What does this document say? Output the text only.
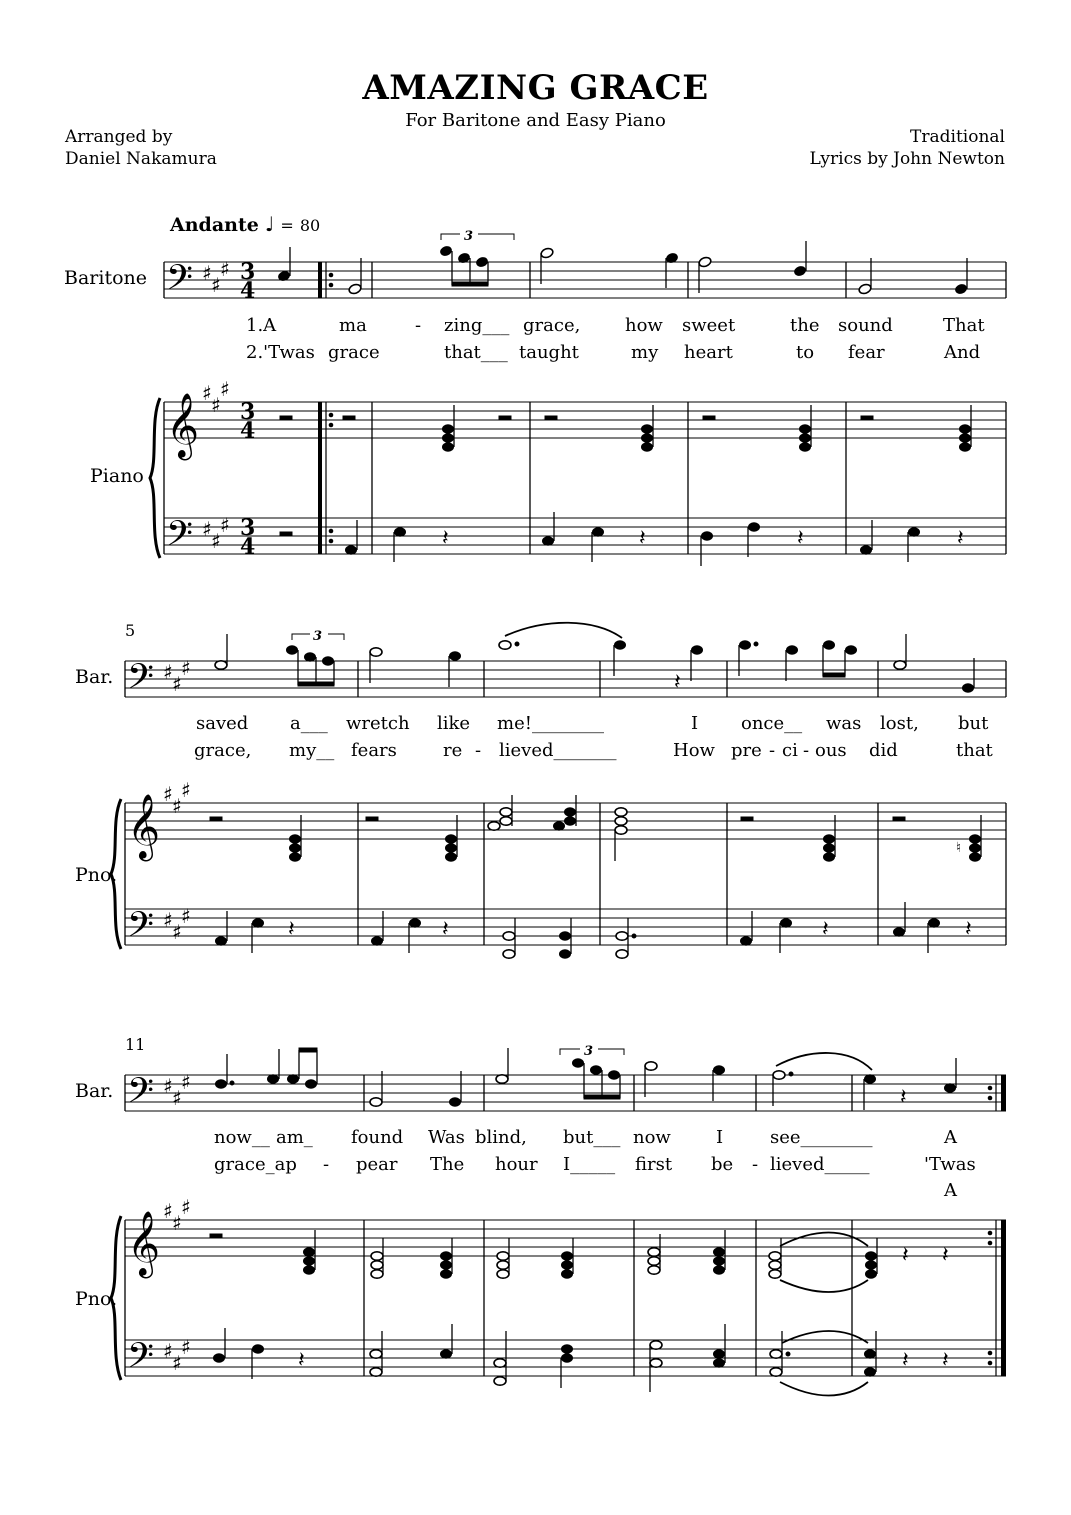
AMAZING GRACE
For Baritone and Easy Piano
Arranged by
Daniel Nakamura
Traditional
Lyrics by John Newton
Andante ♩ = 80
Baritone
Piano
Bar.
Pno.
Bar.
Pno.
5
11
𝄢
𝄢
𝄢
𝄢
𝄢
𝄢
𝄞
𝄞
𝄞
♯ ♯
♯
♯ ♯
♯
♯ ♯
♯
♯ ♯
♯
♯ ♯
♯
♯ ♯
♯
♯ ♯
♯
♯ ♯
♯
♯ ♯
♯
3
4
3
4
3
4
3
𝄽	𝄽	𝄽	𝄽
𝄽
3
♮
𝄽	𝄽	𝄽	𝄽
𝄽
3
𝄽 𝄽
𝄽	𝄽 𝄽
1.A	ma	- zing___ grace, how sweet	the sound	That
2.'Twas grace	that___ taught	my heart	to fear	And
saved a___ wretch like me!________	I once__ was lost, but
grace, my__ fears	re - lieved_______	How pre - ci - ous did	that
now__ am_ found Was blind, but___ now	I	see________	A
grace_ap - pear The hour I_____ first be - lieved_____	'Twas
A
